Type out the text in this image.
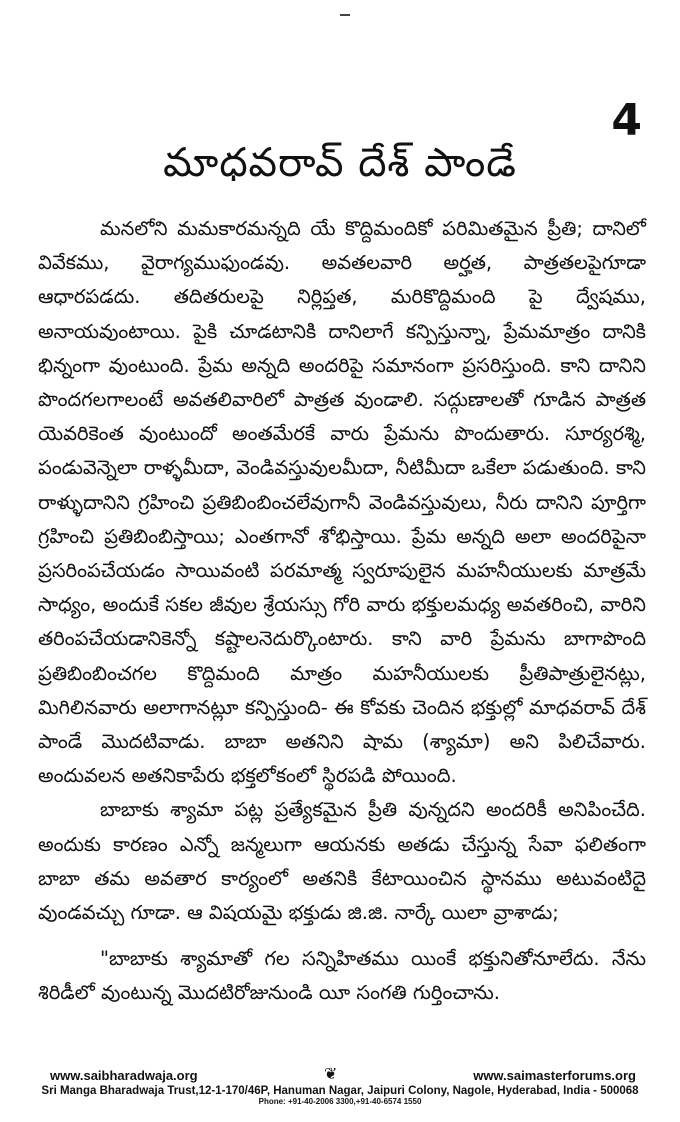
4
మాధవరావ్ దేశ్ పాండే

మనలోని మమకారమన్నది యే కొద్దిమందికో పరిమితమైన ప్రీతి; దానిలో వివేకము, వైరాగ్యముఫుండవు. అవతలవారి అర్హత, పాత్రతలపైగూడా ఆధారపడదు. తదితరులపై నిర్లిప్తత, మరికొద్దిమంది పై ద్వేషము, అనాయవుంటాయి. పైకి చూడటానికి దానిలాగే కన్పిస్తున్నా, ప్రేమమాత్రం దానికి భిన్నంగా వుంటుంది. ప్రేమ అన్నది అందరిపై సమానంగా ప్రసరిస్తుంది. కాని దానిని పొందగలగాలంటే అవతలివారిలో పాత్రత వుండాలి. సద్గుణాలతో గూడిన పాత్రత యెవరికెంత వుంటుందో అంతమేరకే వారు ప్రేమను పొందుతారు. సూర్యరశ్మి, పండువెన్నెలా రాళ్ళమీదా, వెండివస్తువులమీదా, నీటిమీదా ఒకేలా పడుతుంది. కాని రాళ్ళుదానిని గ్రహించి ప్రతిబింబించలేవుగానీ వెండివస్తువులు, నీరు దానిని పూర్తిగా గ్రహించి ప్రతిబింబిస్తాయి; ఎంతగానో శోభిస్తాయి. ప్రేమ అన్నది అలా అందరిపైనా ప్రసరింపచేయడం సాయివంటి పరమాత్మ స్వరూపులైన మహనీయులకు మాత్రమే సాధ్యం, అందుకే సకల జీవుల శ్రేయస్సు గోరి వారు భక్తులమధ్య అవతరించి, వారిని తరింపచేయడానికెన్నో కష్టాలనెదుర్కొంటారు. కాని వారి ప్రేమను బాగాపొంది ప్రతిబింబించగల కొద్దిమంది మాత్రం మహనీయులకు ప్రీతిపాత్రులైనట్లు, మిగిలినవారు అలాగానట్లూ కన్పిస్తుంది- ఈ కోవకు చెందిన భక్తుల్లో మాధవరావ్ దేశ్ పాండే మొదటివాడు. బాబా అతనిని షామ (శ్యామా) అని పిలిచేవారు. అందువలన అతనికాపేరు భక్తలోకంలో స్థిరపడి పోయింది.

బాబాకు శ్యామా పట్ల ప్రత్యేకమైన ప్రీతి వున్నదని అందరికీ అనిపించేది. అందుకు కారణం ఎన్నో జన్మలుగా ఆయనకు అతడు చేస్తున్న సేవా ఫలితంగా బాబా తమ అవతార కార్యంలో అతనికి కేటాయించిన స్థానము అటువంటిదై వుండవచ్చు గూడా. ఆ విషయమై భక్తుడు జి.జి. నార్కే యిలా వ్రాశాడు;

"బాబాకు శ్యామాతో గల సన్నిహితము యింకే భక్తునితోనూలేదు. నేను శిరిడీలో వుంటున్న మొదటిరోజునుండి యీ సంగతి గుర్తించాను.

www.saibharadwaja.org	❦	www.saimasterforums.org
Sri Manga Bharadwaja Trust,12-1-170/46P, Hanuman Nagar, Jaipuri Colony, Nagole, Hyderabad, India - 500068
Phone: +91-40-2006 3300,+91-40-6574 1550
